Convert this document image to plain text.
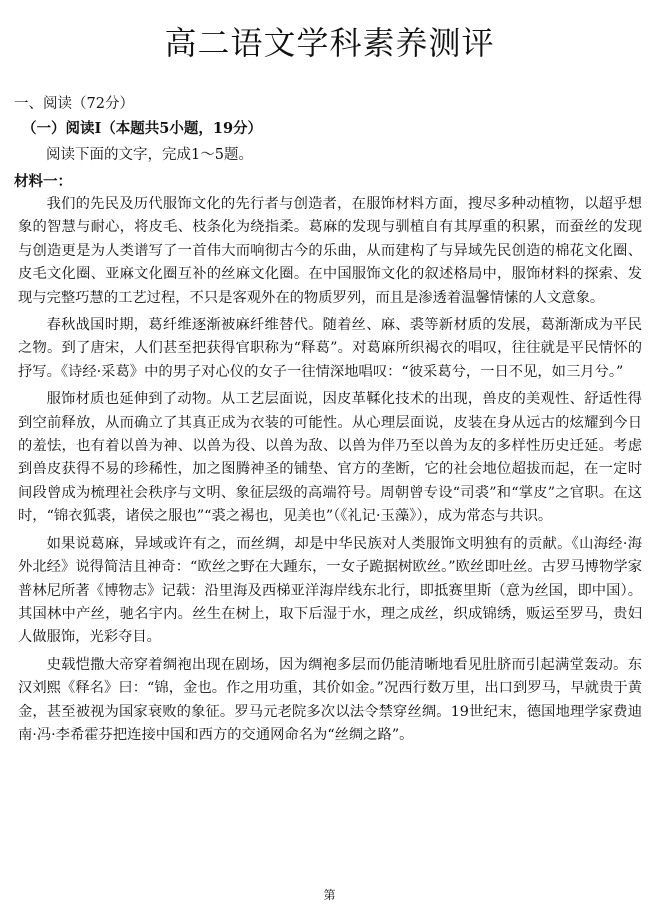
高二语文学科素养测评
一、阅读（72分）
（一）阅读Ⅰ（本题共5小题，19分）
阅读下面的文字，完成1～5题。
材料一：

我们的先民及历代服饰文化的先行者与创造者，在服饰材料方面，搜尽多种动植物，以超乎想象的智慧与耐心，将皮毛、枝条化为绕指柔。葛麻的发现与驯植自有其厚重的积累，而蚕丝的发现与创造更是为人类谱写了一首伟大而响彻古今的乐曲，从而建构了与异域先民创造的棉花文化圈、皮毛文化圈、亚麻文化圈互补的丝麻文化圈。在中国服饰文化的叙述格局中，服饰材料的探索、发现与完整巧慧的工艺过程，不只是客观外在的物质罗列，而且是渗透着温馨情愫的人文意象。

春秋战国时期，葛纤维逐渐被麻纤维替代。随着丝、麻、裘等新材质的发展，葛渐渐成为平民之物。到了唐宋，人们甚至把获得官职称为“释葛”。对葛麻所织褐衣的唱叹，往往就是平民情怀的抒写。《诗经·采葛》中的男子对心仪的女子一往情深地唱叹：“彼采葛兮，一日不见，如三月兮。”

服饰材质也延伸到了动物。从工艺层面说，因皮革鞣化技术的出现，兽皮的美观性、舒适性得到空前释放，从而确立了其真正成为衣装的可能性。从心理层面说，皮装在身从远古的炫耀到今日的羞怯，也有着以兽为神、以兽为役、以兽为敌、以兽为伴乃至以兽为友的多样性历史迁延。考虑到兽皮获得不易的珍稀性，加之图腾神圣的铺垫、官方的垄断，它的社会地位超拔而起，在一定时间段曾成为梳理社会秩序与文明、象征层级的高端符号。周朝曾专设“司裘”和“掌皮”之官职。在这时，“锦衣狐裘，诸侯之服也”“裘之裼也，见美也”（《礼记·玉藻》），成为常态与共识。

如果说葛麻，异域或许有之，而丝绸，却是中华民族对人类服饰文明独有的贡献。《山海经·海外北经》说得简洁且神奇：“欧丝之野在大踵东，一女子跪据树欧丝。”欧丝即吐丝。古罗马博物学家普林尼所著《博物志》记载：沿里海及西梯亚洋海岸线东北行，即抵赛里斯（意为丝国，即中国）。其国林中产丝，驰名宇内。丝生在树上，取下后湿于水，理之成丝，织成锦绣，贩运至罗马，贵妇人做服饰，光彩夺目。

史载恺撒大帝穿着绸袍出现在剧场，因为绸袍多层而仍能清晰地看见肚脐而引起满堂轰动。东汉刘熙《释名》曰：“锦，金也。作之用功重，其价如金。”况西行数万里，出口到罗马，早就贵于黄金，甚至被视为国家衰败的象征。罗马元老院多次以法令禁穿丝绸。19世纪末，德国地理学家费迪南·冯·李希霍芬把连接中国和西方的交通网命名为“丝绸之路”。

第
